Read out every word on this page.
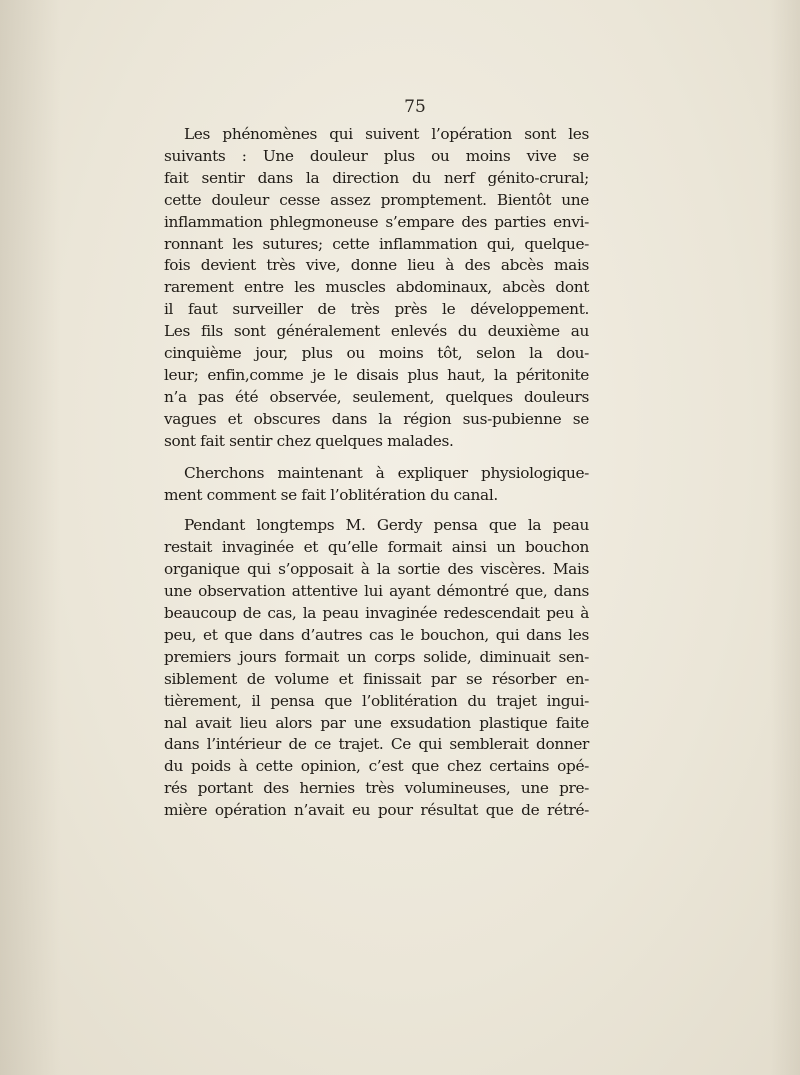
75

Les phénomènes qui suivent l’opération sont les
suivants : Une douleur plus ou moins vive se
fait sentir dans la direction du nerf génito-crural;
cette douleur cesse assez promptement. Bientôt une
inflammation phlegmoneuse s’empare des parties envi-
ronnant les sutures; cette inflammation qui, quelque-
fois devient très vive, donne lieu à des abcès mais
rarement entre les muscles abdominaux, abcès dont
il faut surveiller de très près le développement.
Les fils sont généralement enlevés du deuxième au
cinquième jour, plus ou moins tôt, selon la dou-
leur; enfin,comme je le disais plus haut, la péritonite
n’a pas été observée, seulement, quelques douleurs
vagues et obscures dans la région sus-pubienne se
sont fait sentir chez quelques malades.

Cherchons maintenant à expliquer physiologique-
ment comment se fait l’oblitération du canal.

Pendant longtemps M. Gerdy pensa que la peau
restait invaginée et qu’elle formait ainsi un bouchon
organique qui s’opposait à la sortie des viscères. Mais
une observation attentive lui ayant démontré que, dans
beaucoup de cas, la peau invaginée redescendait peu à
peu, et que dans d’autres cas le bouchon, qui dans les
premiers jours formait un corps solide, diminuait sen-
siblement de volume et finissait par se résorber en-
tièrement, il pensa que l’oblitération du trajet ingui-
nal avait lieu alors par une exsudation plastique faite
dans l’intérieur de ce trajet. Ce qui semblerait donner
du poids à cette opinion, c’est que chez certains opé-
rés portant des hernies très volumineuses, une pre-
mière opération n’avait eu pour résultat que de rétré-
